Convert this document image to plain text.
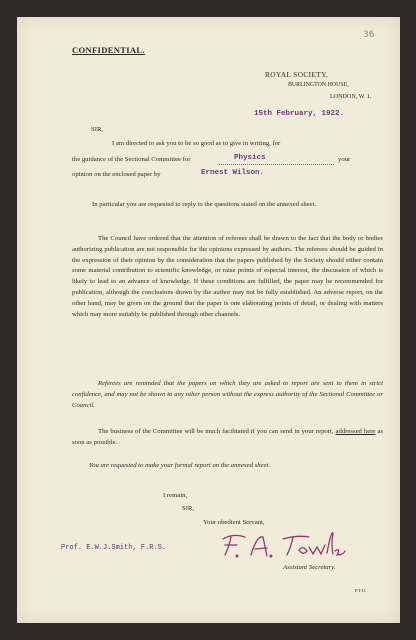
36
CONFIDENTIAL.
ROYAL SOCIETY,
BURLINGTON HOUSE,
LONDON, W. 1.
15th February, 1922.
SIR,
I am directed to ask you to be so good as to give in writing, for
the guidance of the Sectional Committee for	Physics	your
opinion on the enclosed paper by	Ernest Wilson.
In particular you are requested to reply to the questions stated on the annexed sheet.
The Council have ordered that the attention of referees shall be drawn to the fact that the body or bodies authorizing publication are not responsible for the opinions expressed by authors. The referees should be guided in the expression of their opinion by the consideration that the papers published by the Society should either contain some material contribution to scientific knowledge, or raise points of especial interest, the discussion of which is likely to lead to an advance of knowledge. If these conditions are fulfilled, the paper may be recommended for publication, although the conclusions drawn by the author may not be fully established. An adverse report, on the other hand, may be given on the ground that the paper is one elaborating points of detail, or dealing with matters which may more suitably be published through other channels.
Referees are reminded that the papers on which they are asked to report are sent to them in strict confidence, and may not be shown to any other person without the express authority of the Sectional Committee or Council.
The business of the Committee will be much facilitated if you can send in your report, addressed here as soon as possible.
You are requested to make your formal report on the annexed sheet.
I remain,
SIR,
Your obedient Servant,
Prof. E.W.J.Smith, F.R.S.
Assistant Secretary.
P.T.O.
